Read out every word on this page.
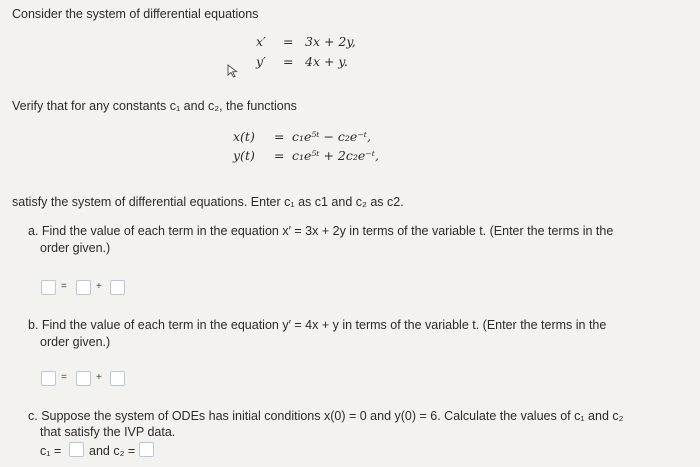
Consider the system of differential equations
x′ = 3x + 2y,
y′ = 4x + y.
Verify that for any constants c₁ and c₂, the functions
x(t) = c₁e⁵ᵗ − c₂e⁻ᵗ,
y(t) = c₁e⁵ᵗ + 2c₂e⁻ᵗ,
satisfy the system of differential equations. Enter c₁ as c1 and c₂ as c2.
a. Find the value of each term in the equation x′ = 3x + 2y in terms of the variable t. (Enter the terms in the
order given.)
=	+
b. Find the value of each term in the equation y′ = 4x + y in terms of the variable t. (Enter the terms in the
order given.)
=	+
c. Suppose the system of ODEs has initial conditions x(0) = 0 and y(0) = 6. Calculate the values of c₁ and c₂
that satisfy the IVP data.
c₁ = and c₂ =
